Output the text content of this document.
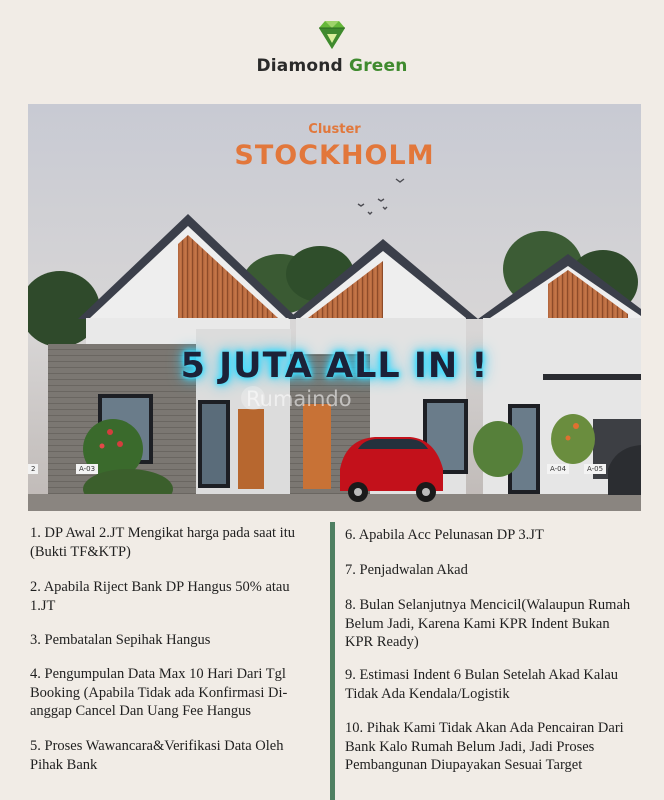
Diamond Green
Cluster
STOCKHOLM
5 JUTA ALL IN !
Rumaindo
2	A-03	A-04	A-05
1. DP Awal 2.JT Mengikat harga pada saat itu (Bukti TF&KTP)
2. Apabila Riject Bank DP Hangus 50% atau 1.JT
3. Pembatalan Sepihak Hangus
4. Pengumpulan Data Max 10 Hari Dari Tgl Booking (Apabila Tidak ada Konfirmasi Di-anggap Cancel Dan Uang Fee Hangus
5. Proses Wawancara&Verifikasi Data Oleh Pihak Bank
6. Apabila Acc Pelunasan DP 3.JT
7. Penjadwalan Akad
8. Bulan Selanjutnya Mencicil(Walaupun Rumah Belum Jadi, Karena Kami KPR Indent Bukan KPR Ready)
9. Estimasi Indent 6 Bulan Setelah Akad Kalau Tidak Ada Kendala/Logistik
10. Pihak Kami Tidak Akan Ada Pencairan Dari Bank Kalo Rumah Belum Jadi, Jadi Proses Pembangunan Diupayakan Sesuai Target
